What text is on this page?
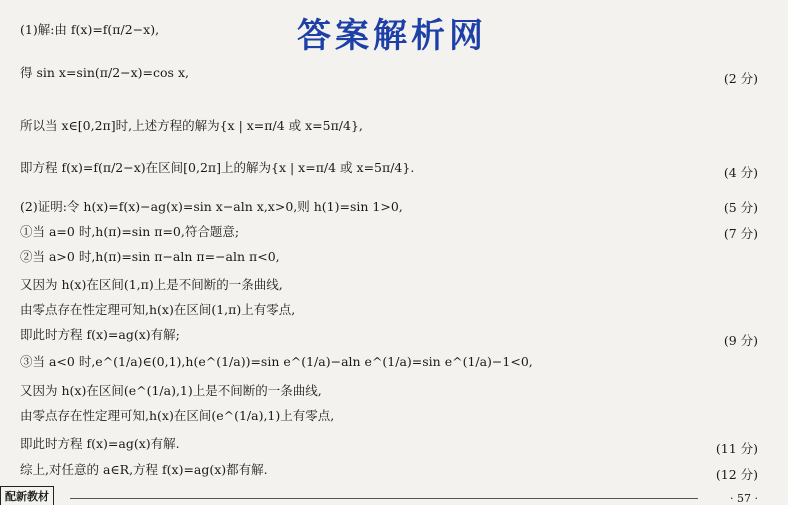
答案解析网
(1)解:由 f(x)=f(π/2−x),
得 sin x=sin(π/2−x)=cos x,	(2 分)
所以当 x∈[0,2π]时,上述方程的解为{x | x=π/4 或 x=5π/4},
即方程 f(x)=f(π/2−x)在区间[0,2π]上的解为{x | x=π/4 或 x=5π/4}.	(4 分)
(2)证明:令 h(x)=f(x)−ag(x)=sin x−aln x,x>0,则 h(1)=sin 1>0,	(5 分)
①当 a=0 时,h(π)=sin π=0,符合题意;	(7 分)
②当 a>0 时,h(π)=sin π−aln π=−aln π<0,
又因为 h(x)在区间(1,π)上是不间断的一条曲线,
由零点存在性定理可知,h(x)在区间(1,π)上有零点,
即此时方程 f(x)=ag(x)有解;	(9 分)
③当 a<0 时,e^(1/a)∈(0,1),h(e^(1/a))=sin e^(1/a)−aln e^(1/a)=sin e^(1/a)−1<0,
又因为 h(x)在区间(e^(1/a),1)上是不间断的一条曲线,
由零点存在性定理可知,h(x)在区间(e^(1/a),1)上有零点,
即此时方程 f(x)=ag(x)有解.	(11 分)
综上,对任意的 a∈R,方程 f(x)=ag(x)都有解.	(12 分)
配新教材	· 57 ·
